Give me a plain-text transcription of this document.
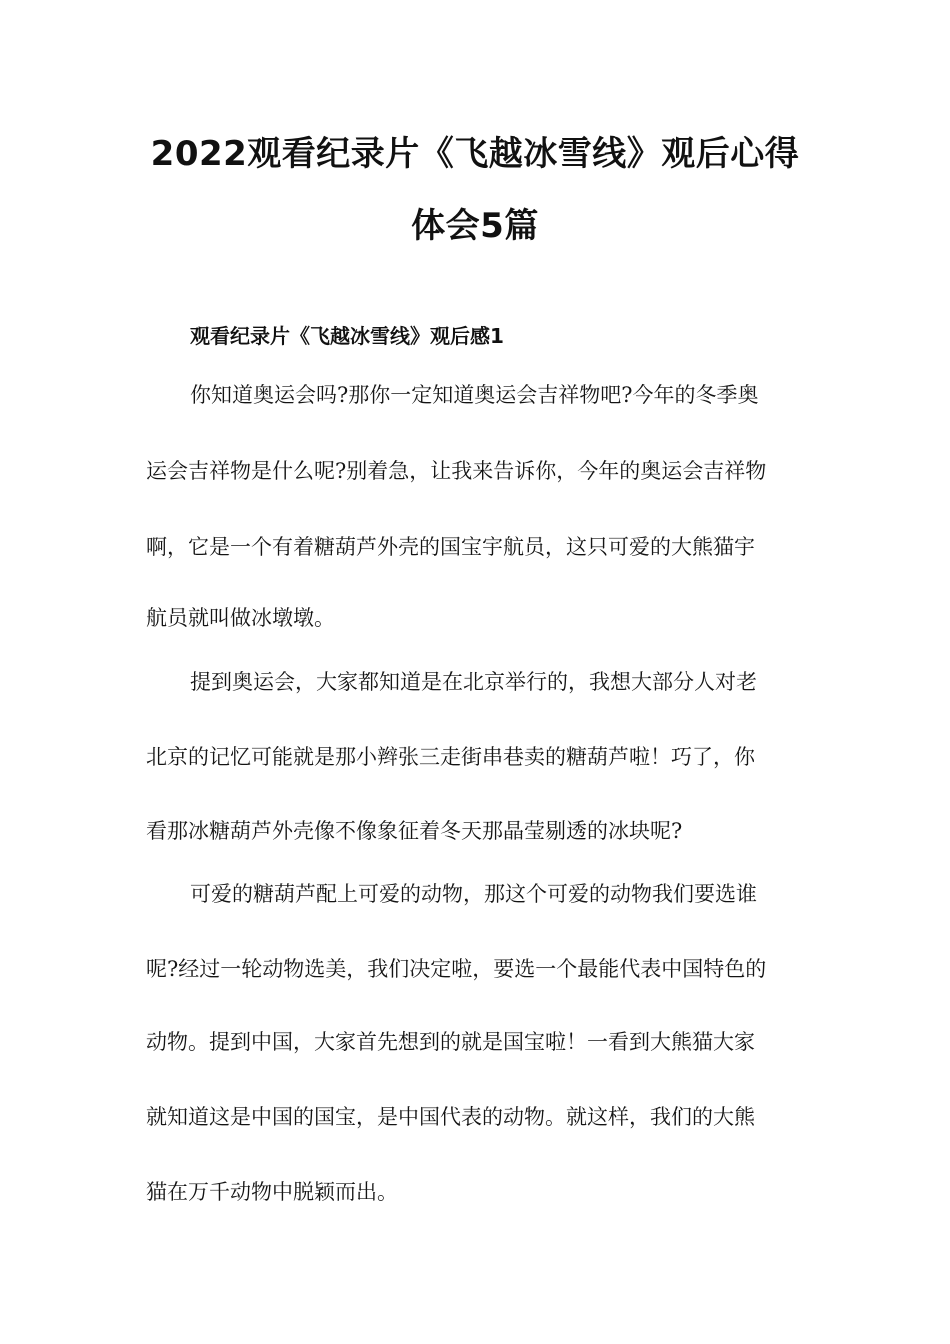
2022观看纪录片《飞越冰雪线》观后心得
体会5篇
观看纪录片《飞越冰雪线》观后感1

你知道奥运会吗?那你一定知道奥运会吉祥物吧?今年的冬季奥

运会吉祥物是什么呢?别着急，让我来告诉你，今年的奥运会吉祥物

啊，它是一个有着糖葫芦外壳的国宝宇航员，这只可爱的大熊猫宇

航员就叫做冰墩墩。

提到奥运会，大家都知道是在北京举行的，我想大部分人对老

北京的记忆可能就是那小辫张三走街串巷卖的糖葫芦啦！巧了，你

看那冰糖葫芦外壳像不像象征着冬天那晶莹剔透的冰块呢?

可爱的糖葫芦配上可爱的动物，那这个可爱的动物我们要选谁

呢?经过一轮动物选美，我们决定啦，要选一个最能代表中国特色的

动物。提到中国，大家首先想到的就是国宝啦！一看到大熊猫大家

就知道这是中国的国宝，是中国代表的动物。就这样，我们的大熊

猫在万千动物中脱颖而出。
